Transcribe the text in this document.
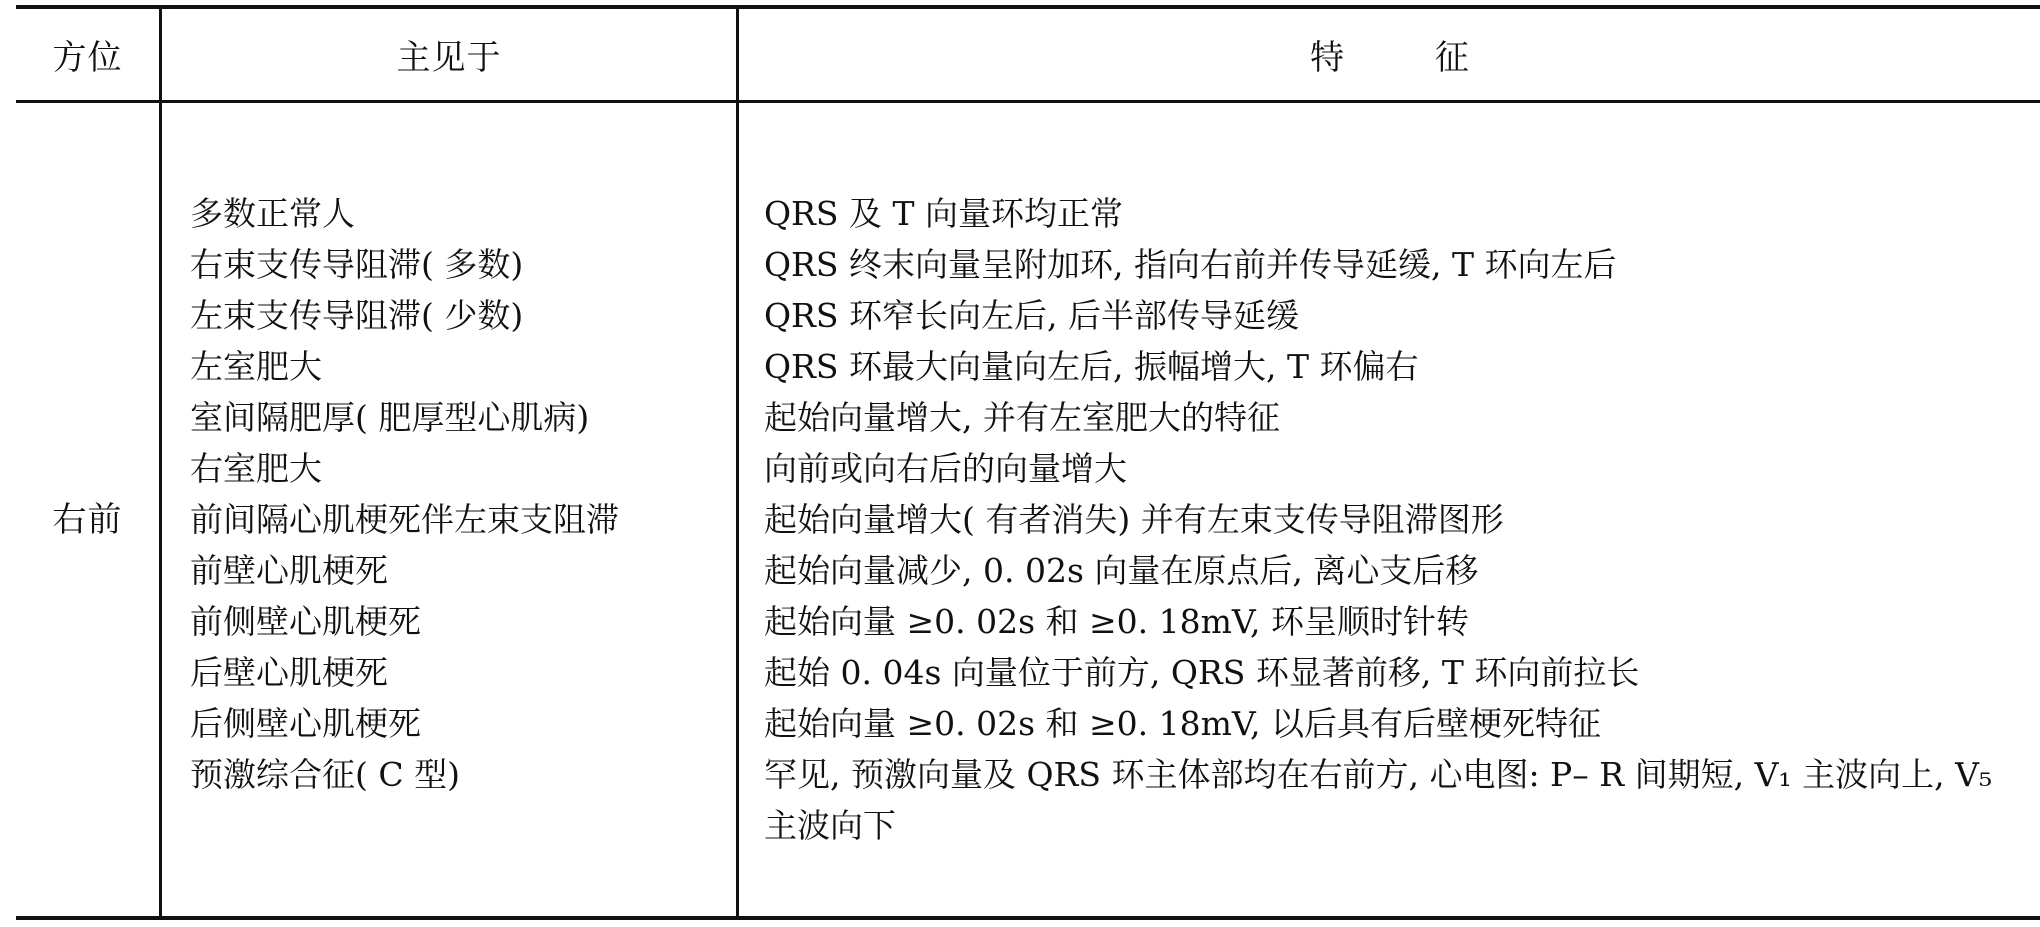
方位	主见于	特 征
右前
多数正常人
右束支传导阻滞( 多数)
左束支传导阻滞( 少数)
左室肥大
室间隔肥厚( 肥厚型心肌病)
右室肥大
前间隔心肌梗死伴左束支阻滞
前壁心肌梗死
前侧壁心肌梗死
后壁心肌梗死
后侧壁心肌梗死
预激综合征( C 型)
QRS 及 T 向量环均正常
QRS 终末向量呈附加环, 指向右前并传导延缓, T 环向左后
QRS 环窄长向左后, 后半部传导延缓
QRS 环最大向量向左后, 振幅增大, T 环偏右
起始向量增大, 并有左室肥大的特征
向前或向右后的向量增大
起始向量增大( 有者消失) 并有左束支传导阻滞图形
起始向量减少, 0. 02s 向量在原点后, 离心支后移
起始向量 ≥0. 02s 和 ≥0. 18mV, 环呈顺时针转
起始 0. 04s 向量位于前方, QRS 环显著前移, T 环向前拉长
起始向量 ≥0. 02s 和 ≥0. 18mV, 以后具有后壁梗死特征
罕见, 预激向量及 QRS 环主体部均在右前方, 心电图: P– R 间期短, V₁ 主波向上, V₅ 主波向下
